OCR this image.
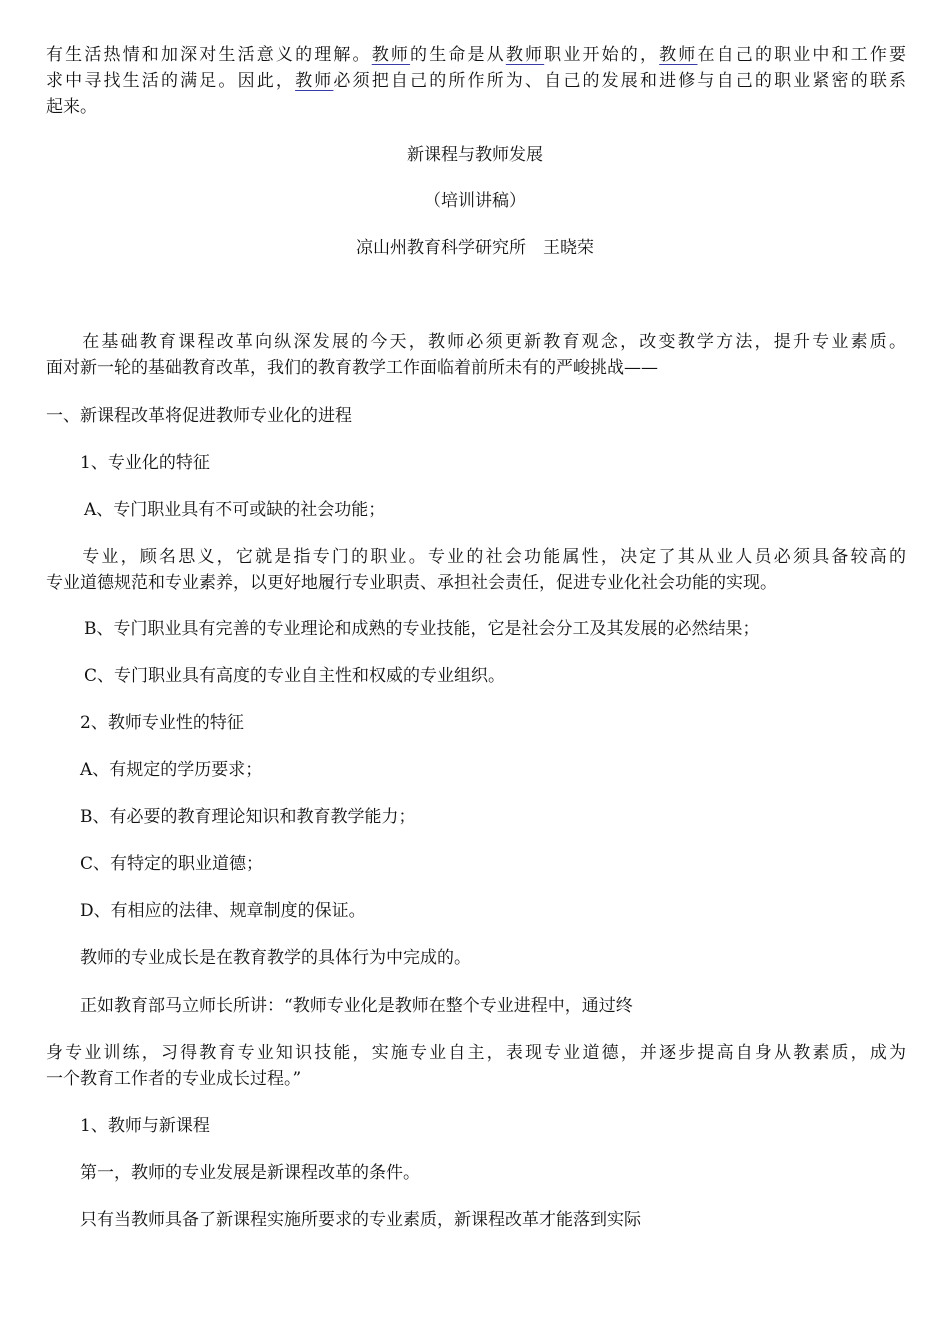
有生活热情和加深对生活意义的理解。教师的生命是从教师职业开始的，教师在自己的职业中和工作要
求中寻找生活的满足。因此，教师必须把自己的所作所为、自己的发展和进修与自己的职业紧密的联系
起来。
新课程与教师发展
（培训讲稿）
凉山州教育科学研究所　王晓荣
在基础教育课程改革向纵深发展的今天，教师必须更新教育观念，改变教学方法，提升专业素质。
面对新一轮的基础教育改革，我们的教育教学工作面临着前所未有的严峻挑战——
一、新课程改革将促进教师专业化的进程
1、专业化的特征
A、专门职业具有不可或缺的社会功能；
专业，顾名思义，它就是指专门的职业。专业的社会功能属性，决定了其从业人员必须具备较高的
专业道德规范和专业素养，以更好地履行专业职责、承担社会责任，促进专业化社会功能的实现。
B、专门职业具有完善的专业理论和成熟的专业技能，它是社会分工及其发展的必然结果；
C、专门职业具有高度的专业自主性和权威的专业组织。
2、教师专业性的特征
A、有规定的学历要求；
B、有必要的教育理论知识和教育教学能力；
C、有特定的职业道德；
D、有相应的法律、规章制度的保证。
教师的专业成长是在教育教学的具体行为中完成的。
正如教育部马立师长所讲：“教师专业化是教师在整个专业进程中，通过终
身专业训练，习得教育专业知识技能，实施专业自主，表现专业道德，并逐步提高自身从教素质，成为
一个教育工作者的专业成长过程。”
1、教师与新课程
第一，教师的专业发展是新课程改革的条件。
只有当教师具备了新课程实施所要求的专业素质，新课程改革才能落到实际
